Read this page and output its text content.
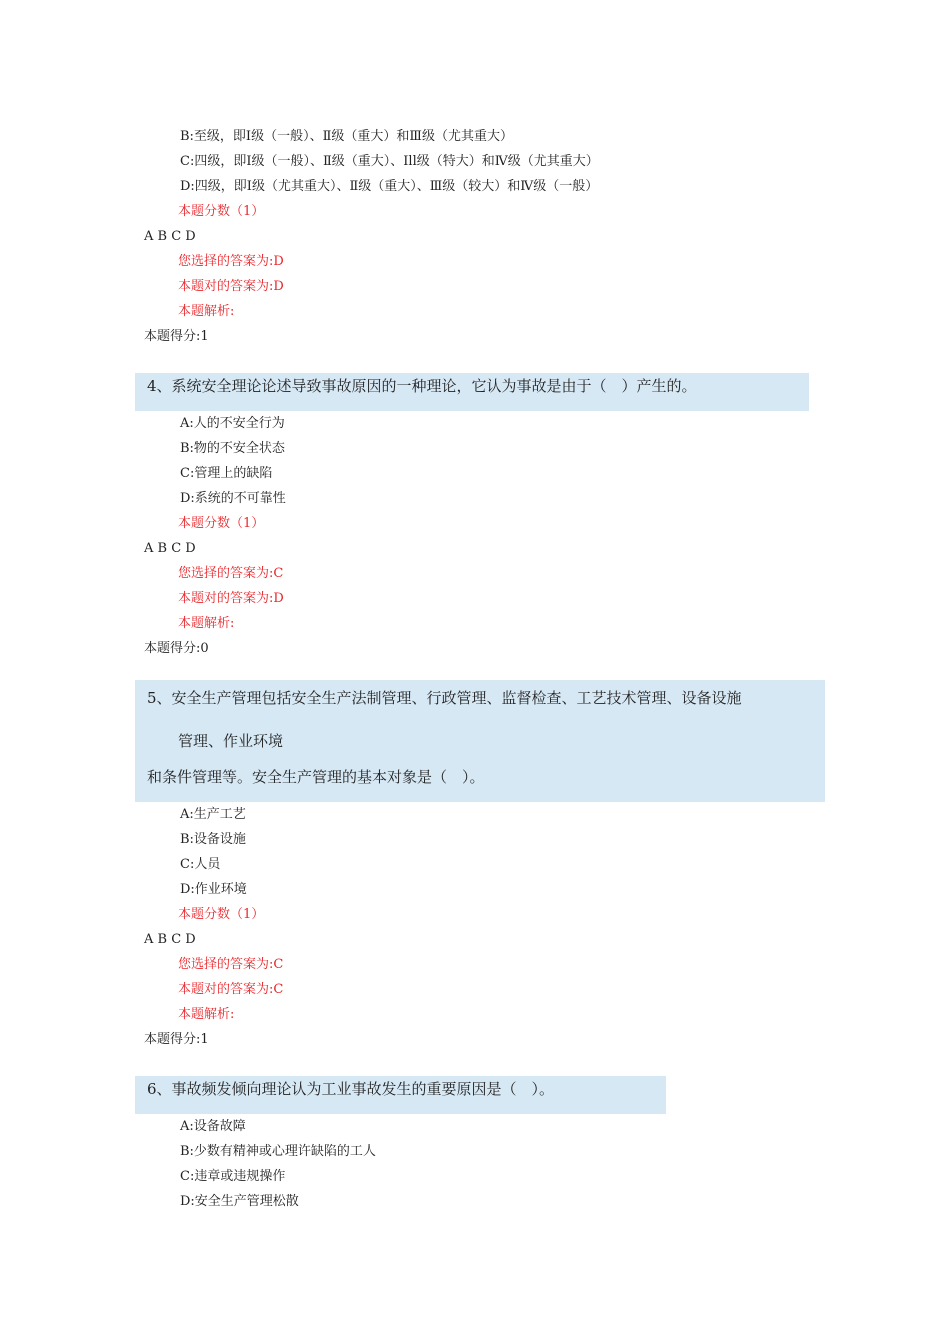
B:至级，即Ⅰ级（一般）、Ⅱ级（重大）和Ⅲ级（尤其重大）
C:四级，即Ⅰ级（一般）、Ⅱ级（重大）、Ⅰll级（特大）和Ⅳ级（尤其重大）
D:四级，即Ⅰ级（尤其重大）、Ⅱ级（重大）、Ⅲ级（较大）和Ⅳ级（一般）
本题分数（1）
A B C D
您选择的答案为:D
本题对的答案为:D
本题解析:
本题得分:1
4、系统安全理论论述导致事故原因的一种理论，它认为事故是由于（　）产生的。
A:人的不安全行为
B:物的不安全状态
C:管理上的缺陷
D:系统的不可靠性
本题分数（1）
A B C D
您选择的答案为:C
本题对的答案为:D
本题解析:
本题得分:0
5、安全生产管理包括安全生产法制管理、行政管理、监督检查、工艺技术管理、设备设施
管理、作业环境
和条件管理等。安全生产管理的基本对象是（　）。
A:生产工艺
B:设备设施
C:人员
D:作业环境
本题分数（1）
A B C D
您选择的答案为:C
本题对的答案为:C
本题解析:
本题得分:1
6、事故频发倾向理论认为工业事故发生的重要原因是（　）。
A:设备故障
B:少数有精神或心理许缺陷的工人
C:违章或违规操作
D:安全生产管理松散
